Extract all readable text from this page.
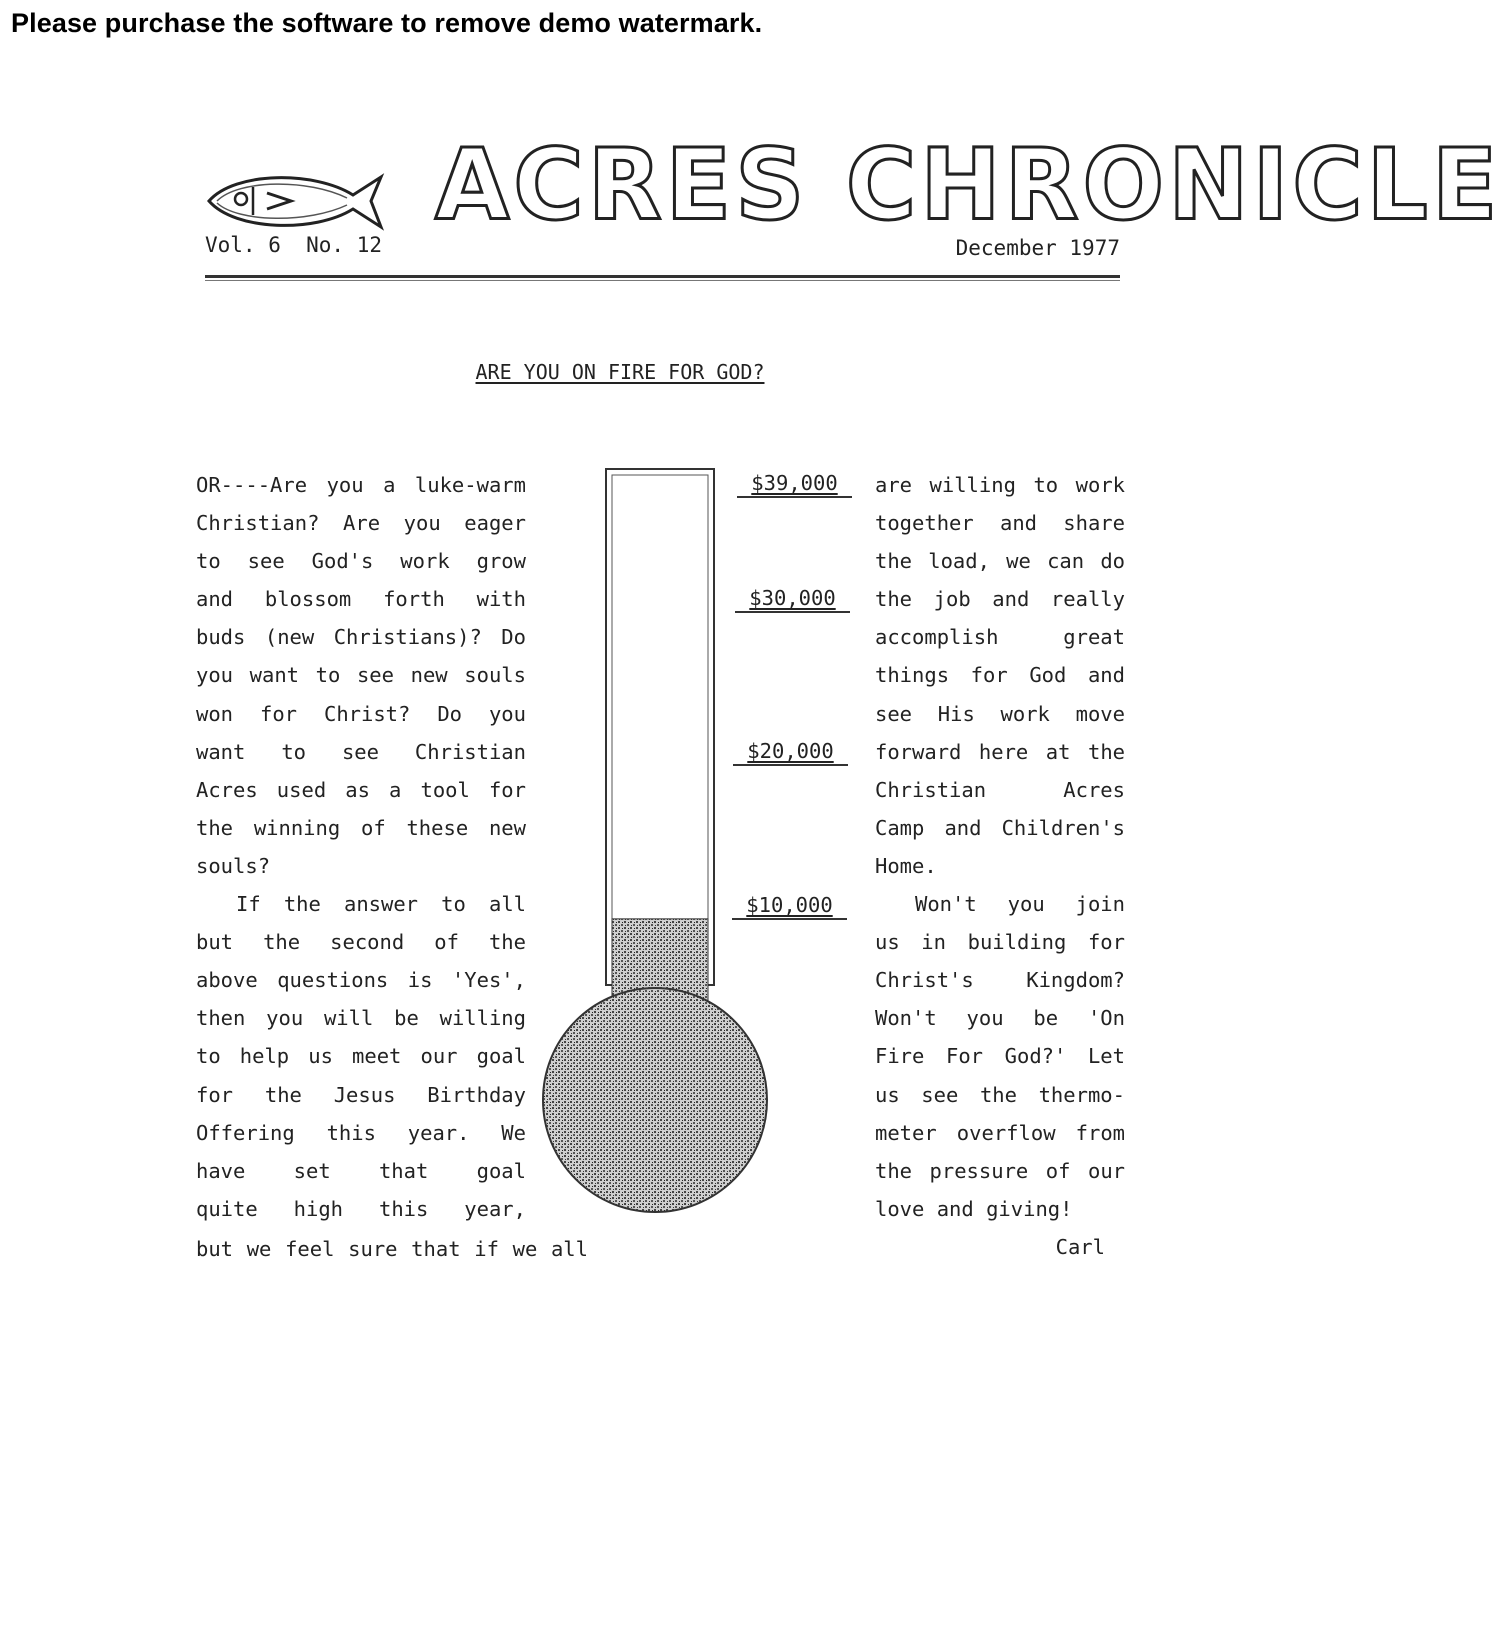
Please purchase the software to remove demo watermark.
ACRES CHRONICLE
Vol. 6  No. 12	December 1977
ARE YOU ON FIRE FOR GOD?
OR----Are you a luke-warm
Christian? Are you eager
to see God's work grow
and blossom forth with
buds (new Christians)? Do
you want to see new souls
won for Christ? Do you
want to see Christian
Acres used as a tool for
the winning of these new
souls?
If the answer to all
but the second of the
above questions is 'Yes',
then you will be willing
to help us meet our goal
for the Jesus Birthday
Offering this year. We
have set that goal
quite high this year,
but we feel sure that if we all
$39,000
$30,000
$20,000
$10,000
are willing to work
together and share
the load, we can do
the job and really
accomplish great
things for God and
see His work move
forward here at the
Christian Acres
Camp and Children's
Home.
Won't you join
us in building for
Christ's Kingdom?
Won't you be 'On
Fire For God?' Let
us see the thermo-
meter overflow from
the pressure of our
love and giving!
Carl
